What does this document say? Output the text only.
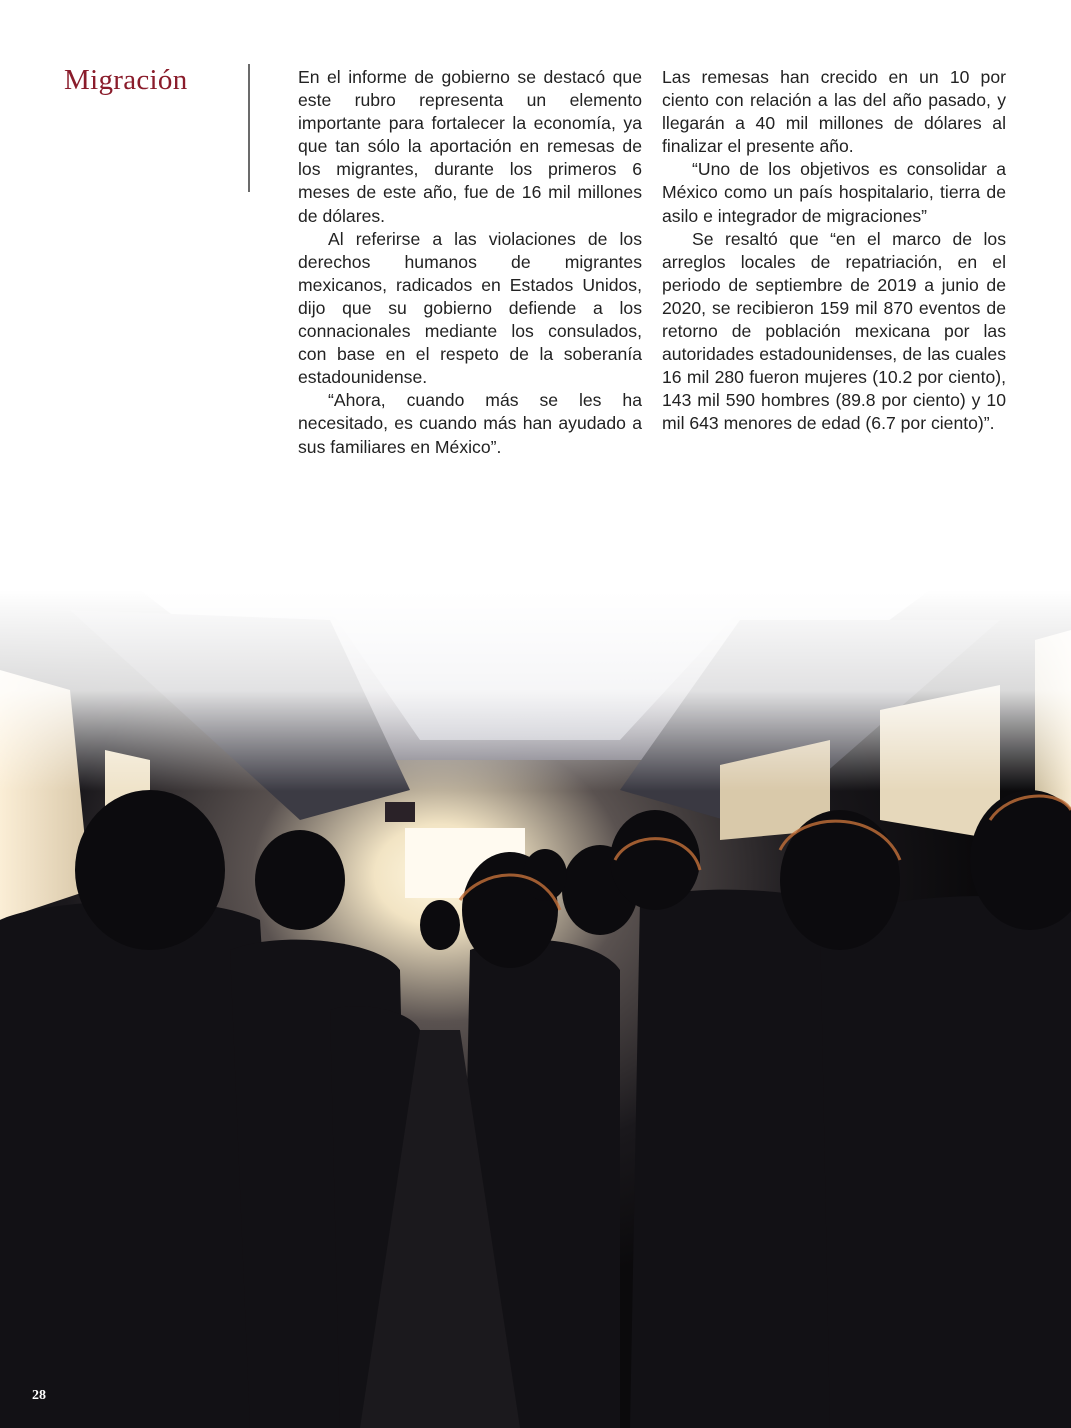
Migración	En el informe de gobierno se destacó que este rubro representa un elemento importante para fortalecer la economía, ya que tan sólo la aportación en remesas de los migrantes, durante los primeros 6 meses de este año, fue de 16 mil millones de dólares.

Al referirse a las violaciones de los derechos humanos de migrantes mexicanos, radicados en Estados Unidos, dijo que su gobierno defiende a los connacionales mediante los consulados, con base en el respeto de la soberanía estadounidense.

“Ahora, cuando más se les ha necesitado, es cuando más han ayudado a sus familiares en México”.

Las remesas han crecido en un 10 por ciento con relación a las del año pasado, y llegarán a 40 mil millones de dólares al finalizar el presente año.

“Uno de los objetivos es consolidar a México como un país hospitalario, tierra de asilo e integrador de migraciones”

Se resaltó que “en el marco de los arreglos locales de repatriación, en el periodo de septiembre de 2019 a junio de 2020, se recibieron 159 mil 870 eventos de retorno de población mexicana por las autoridades estadounidenses, de las cuales 16 mil 280 fueron mujeres (10.2 por ciento), 143 mil 590 hombres (89.8 por ciento) y 10 mil 643 menores de edad (6.7 por ciento)”.

28
